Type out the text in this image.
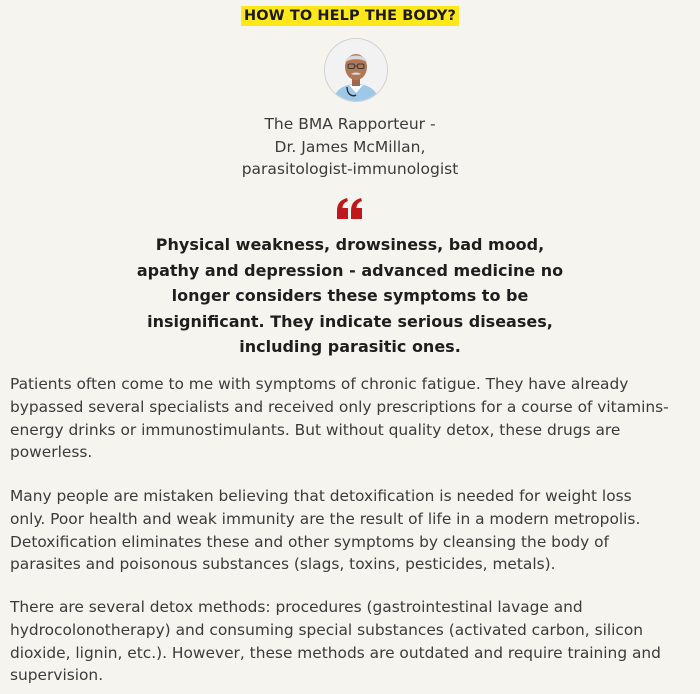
HOW TO HELP THE BODY?
The BMA Rapporteur -
Dr. James McMillan,
parasitologist-immunologist
Physical weakness, drowsiness, bad mood,
apathy and depression - advanced medicine no
longer considers these symptoms to be
insignificant. They indicate serious diseases,
including parasitic ones.
Patients often come to me with symptoms of chronic fatigue. They have already
bypassed several specialists and received only prescriptions for a course of vitamins-
energy drinks or immunostimulants. But without quality detox, these drugs are
powerless.
Many people are mistaken believing that detoxification is needed for weight loss
only. Poor health and weak immunity are the result of life in a modern metropolis.
Detoxification eliminates these and other symptoms by cleansing the body of
parasites and poisonous substances (slags, toxins, pesticides, metals).
There are several detox methods: procedures (gastrointestinal lavage and
hydrocolonotherapy) and consuming special substances (activated carbon, silicon
dioxide, lignin, etc.). However, these methods are outdated and require training and
supervision.
